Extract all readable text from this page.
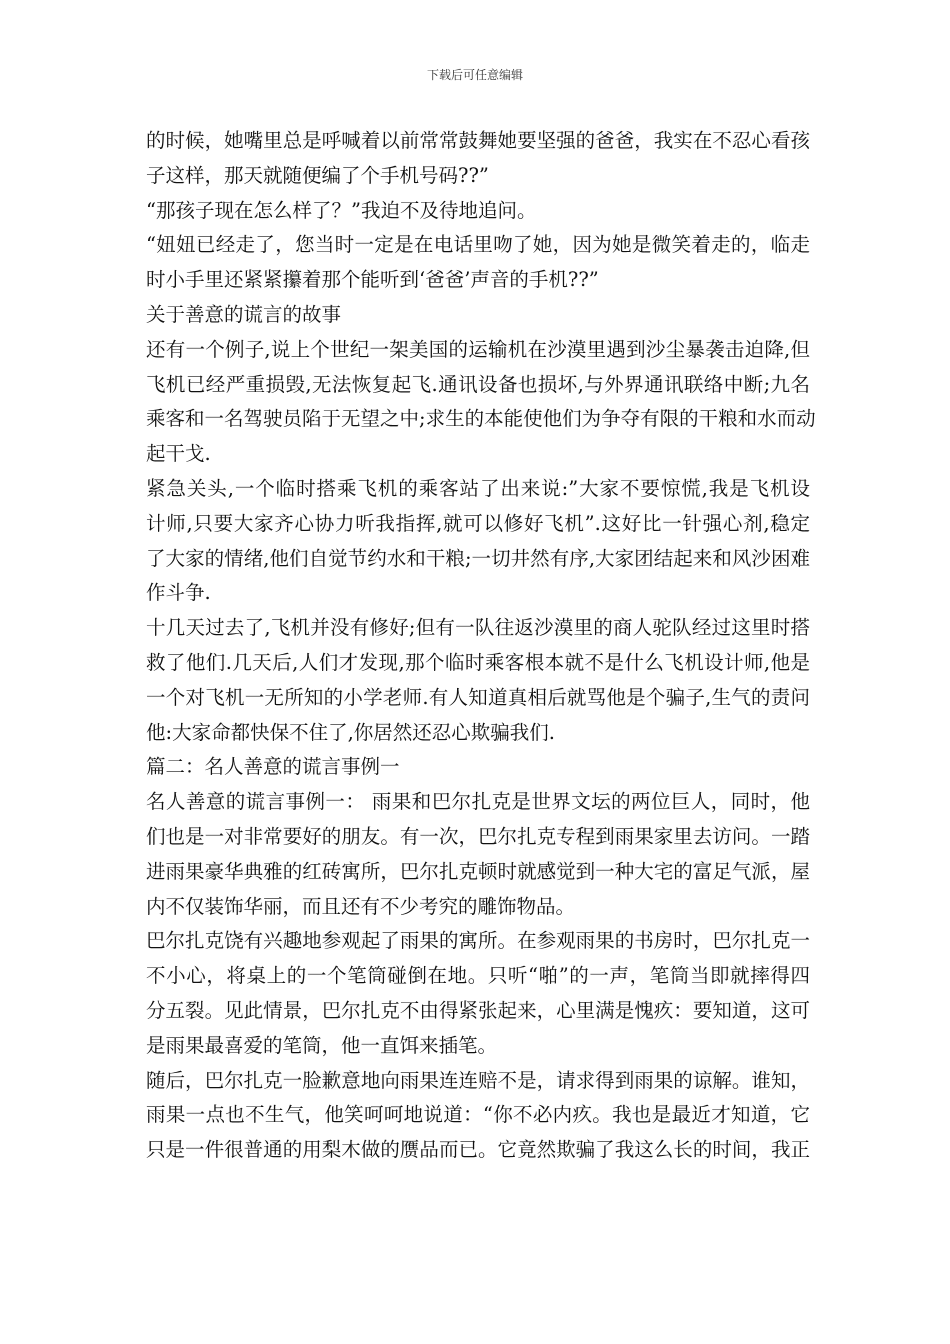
下载后可任意编辑
的时候，她嘴里总是呼喊着以前常常鼓舞她要坚强的爸爸，我实在不忍心看孩
子这样，那天就随便编了个手机号码??”
“那孩子现在怎么样了？”我迫不及待地追问。
“妞妞已经走了，您当时一定是在电话里吻了她，因为她是微笑着走的，临走
时小手里还紧紧攥着那个能听到‘爸爸’声音的手机??”
关于善意的谎言的故事
还有一个例子,说上个世纪一架美国的运输机在沙漠里遇到沙尘暴袭击迫降,但
飞机已经严重损毁,无法恢复起飞.通讯设备也损坏,与外界通讯联络中断;九名
乘客和一名驾驶员陷于无望之中;求生的本能使他们为争夺有限的干粮和水而动
起干戈.
紧急关头,一个临时搭乘飞机的乘客站了出来说:”大家不要惊慌,我是飞机设
计师,只要大家齐心协力听我指挥,就可以修好飞机”.这好比一针强心剂,稳定
了大家的情绪,他们自觉节约水和干粮;一切井然有序,大家团结起来和风沙困难
作斗争.
十几天过去了,飞机并没有修好;但有一队往返沙漠里的商人驼队经过这里时搭
救了他们.几天后,人们才发现,那个临时乘客根本就不是什么飞机设计师,他是
一个对飞机一无所知的小学老师.有人知道真相后就骂他是个骗子,生气的责问
他:大家命都快保不住了,你居然还忍心欺骗我们.
篇二：名人善意的谎言事例一
名人善意的谎言事例一： 雨果和巴尔扎克是世界文坛的两位巨人，同时，他
们也是一对非常要好的朋友。有一次，巴尔扎克专程到雨果家里去访问。一踏
进雨果豪华典雅的红砖寓所，巴尔扎克顿时就感觉到一种大宅的富足气派，屋
内不仅装饰华丽，而且还有不少考究的雕饰物品。
巴尔扎克饶有兴趣地参观起了雨果的寓所。在参观雨果的书房时，巴尔扎克一
不小心，将桌上的一个笔筒碰倒在地。只听“啪”的一声，笔筒当即就摔得四
分五裂。见此情景，巴尔扎克不由得紧张起来，心里满是愧疚：要知道，这可
是雨果最喜爱的笔筒，他一直饵来插笔。
随后，巴尔扎克一脸歉意地向雨果连连赔不是，请求得到雨果的谅解。谁知，
雨果一点也不生气，他笑呵呵地说道：“你不必内疚。我也是最近才知道，它
只是一件很普通的用梨木做的赝品而已。它竟然欺骗了我这么长的时间，我正
